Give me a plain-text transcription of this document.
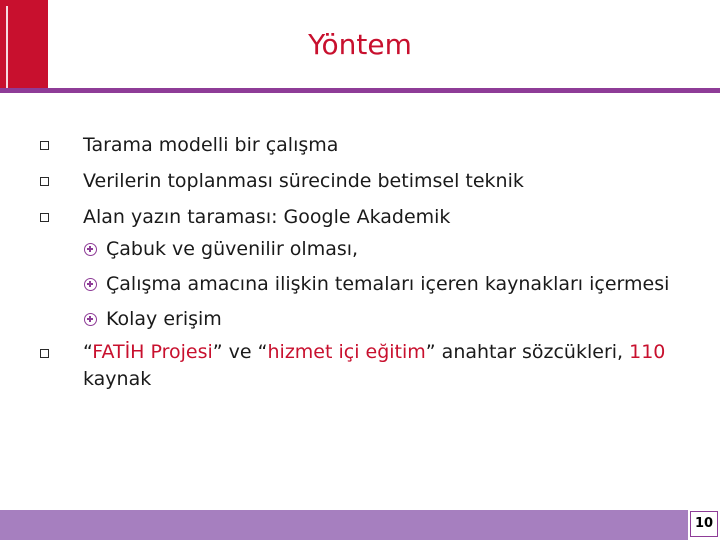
Yöntem
Tarama modelli bir çalışma
Verilerin toplanması sürecinde betimsel teknik
Alan yazın taraması: Google Akademik
Çabuk ve güvenilir olması,
Çalışma amacına ilişkin temaları içeren kaynakları içermesi
Kolay erişim
“FATİH Projesi” ve “hizmet içi eğitim” anahtar sözcükleri, 110
kaynak
10
